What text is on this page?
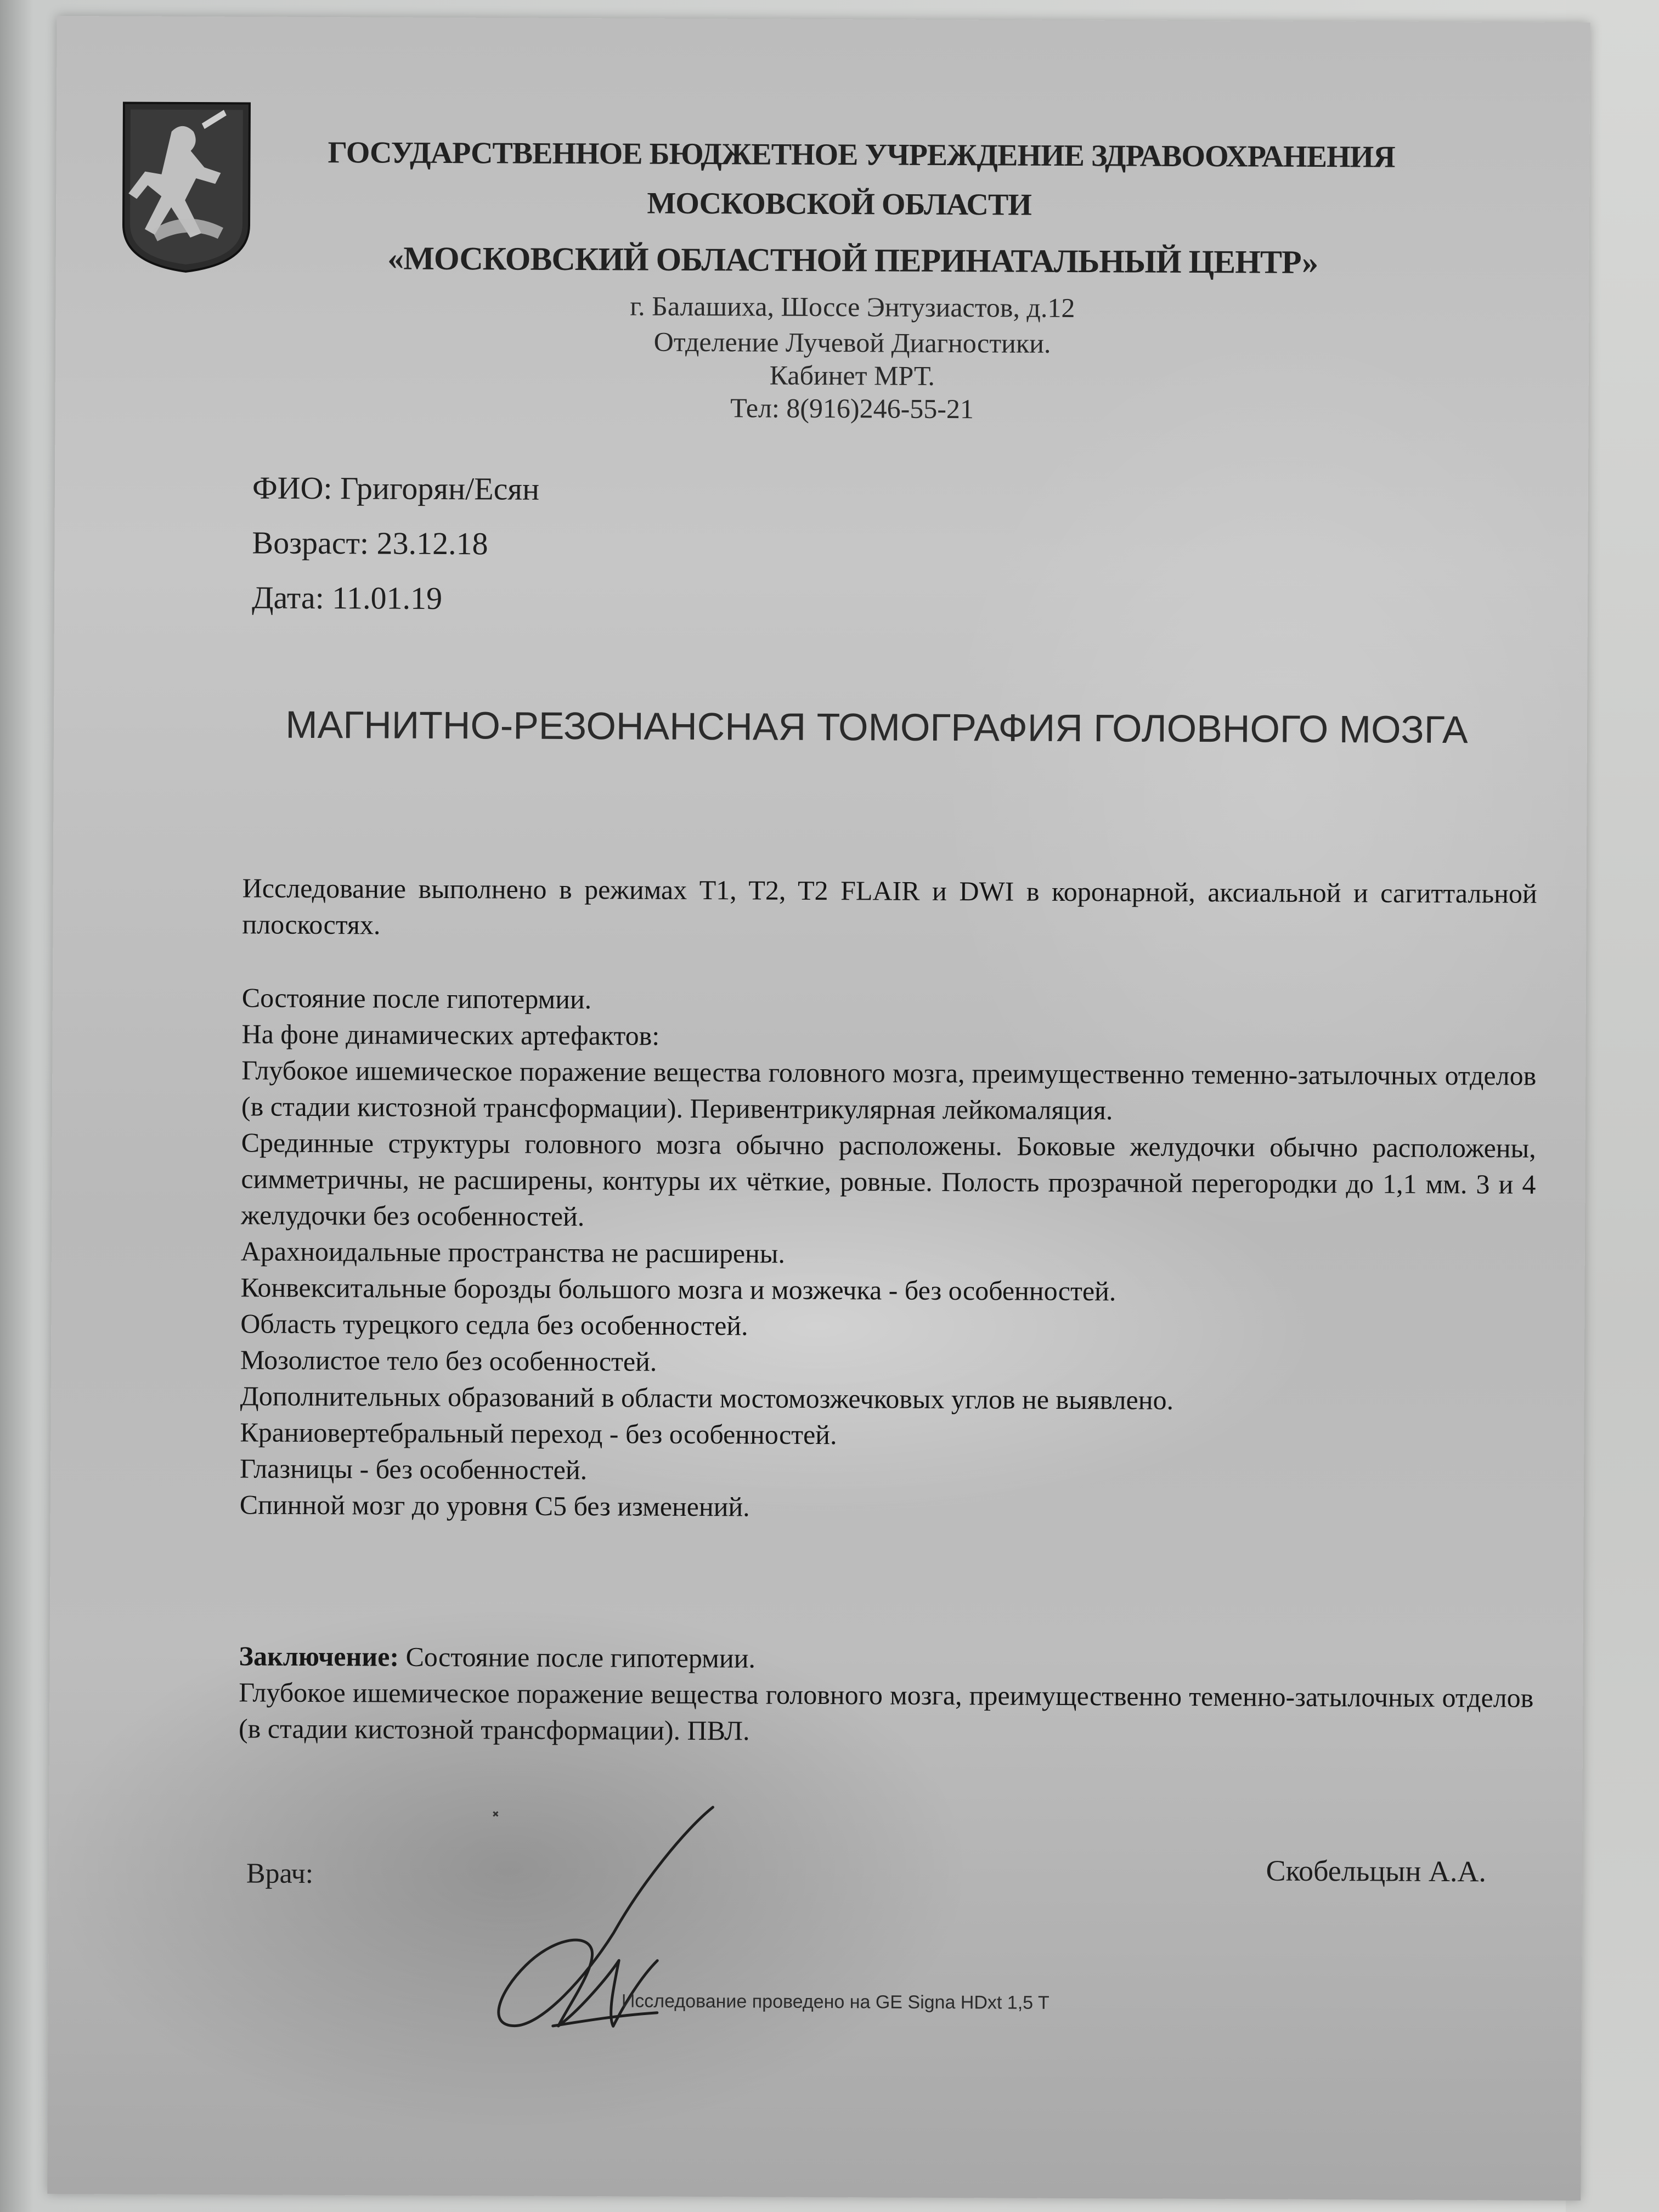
ГОСУДАРСТВЕННОЕ БЮДЖЕТНОЕ УЧРЕЖДЕНИЕ ЗДРАВООХРАНЕНИЯ
МОСКОВСКОЙ ОБЛАСТИ
«МОСКОВСКИЙ ОБЛАСТНОЙ ПЕРИНАТАЛЬНЫЙ ЦЕНТР»
г. Балашиха, Шоссе Энтузиастов, д.12
Отделение Лучевой Диагностики.
Кабинет МРТ.
Тел: 8(916)246-55-21
ФИО: Григорян/Есян
Возраст: 23.12.18
Дата: 11.01.19
МАГНИТНО-РЕЗОНАНСНАЯ ТОМОГРАФИЯ ГОЛОВНОГО МОЗГА

Исследование выполнено в режимах T1, T2, T2 FLAIR и DWI в коронарной, аксиальной и сагиттальной плоскостях.

Состояние после гипотермии.

На фоне динамических артефактов:

Глубокое ишемическое поражение вещества головного мозга, преимущественно теменно-затылочных отделов (в стадии кистозной трансформации). Перивентрикулярная лейкомаляция.

Срединные структуры головного мозга обычно расположены. Боковые желудочки обычно расположены, симметричны, не расширены, контуры их чёткие, ровные. Полость прозрачной перегородки до 1,1 мм. 3 и 4 желудочки без особенностей.

Арахноидальные пространства не расширены.

Конвекситальные борозды большого мозга и мозжечка - без особенностей.

Область турецкого седла без особенностей.

Мозолистое тело без особенностей.

Дополнительных образований в области мостомозжечковых углов не выявлено.

Краниовертебральный переход - без особенностей.

Глазницы - без особенностей.

Спинной мозг до уровня C5 без изменений.

Заключение: Состояние после гипотермии.

Глубокое ишемическое поражение вещества головного мозга, преимущественно теменно-затылочных отделов (в стадии кистозной трансформации). ПВЛ.

Врач:	Скобельцын А.А.
Исследование проведено на GE Signa HDxt 1,5 T
